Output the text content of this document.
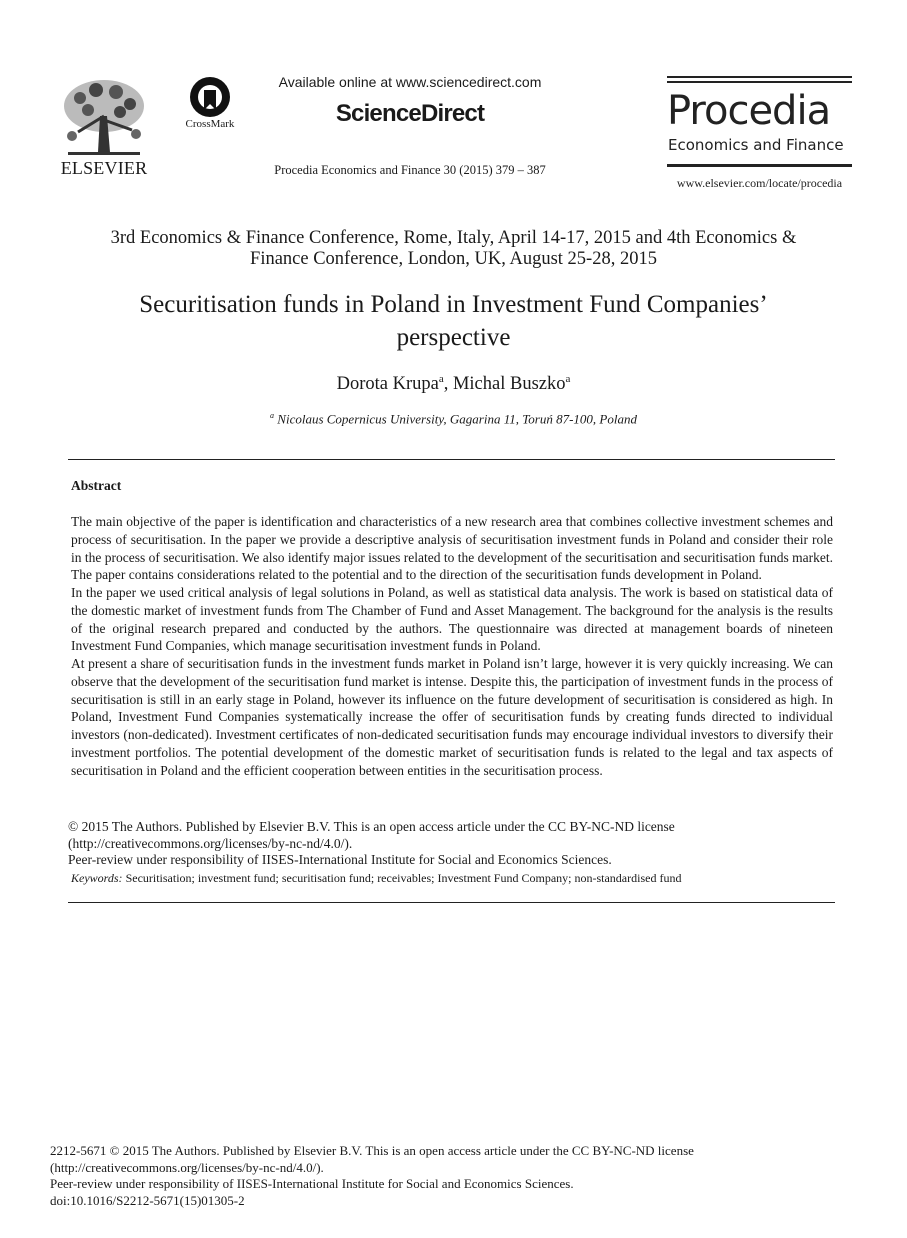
ELSEVIER
CrossMark
Available online at www.sciencedirect.com
ScienceDirect
Procedia Economics and Finance 30 (2015) 379 – 387
Procedia
Economics and Finance
www.elsevier.com/locate/procedia
3rd Economics & Finance Conference, Rome, Italy, April 14-17, 2015 and 4th Economics &
Finance Conference, London, UK, August 25-28, 2015
Securitisation funds in Poland in Investment Fund Companies’
perspective
Dorota Krupa$^a$, Michal Buszko$^a$
$^a$ Nicolaus Copernicus University, Gagarina 11, Toruń 87-100, Poland
Abstract

The main objective of the paper is identification and characteristics of a new research area that combines collective investment schemes and process of securitisation. In the paper we provide a descriptive analysis of securitisation investment funds in Poland and consider their role in the process of securitisation. We also identify major issues related to the development of the securitisation and securitisation funds market. The paper contains considerations related to the potential and to the direction of the securitisation funds development in Poland.

In the paper we used critical analysis of legal solutions in Poland, as well as statistical data analysis. The work is based on statistical data of the domestic market of investment funds from The Chamber of Fund and Asset Management. The background for the analysis is the results of the original research prepared and conducted by the authors. The questionnaire was directed at management boards of nineteen Investment Fund Companies, which manage securitisation investment funds in Poland.

At present a share of securitisation funds in the investment funds market in Poland isn’t large, however it is very quickly increasing. We can observe that the development of the securitisation fund market is intense. Despite this, the participation of investment funds in the process of securitisation is still in an early stage in Poland, however its influence on the future development of securitisation is considered as high. In Poland, Investment Fund Companies systematically increase the offer of securitisation funds by creating funds directed to individual investors (non-dedicated). Investment certificates of non-dedicated securitisation funds may encourage individual investors to diversify their investment portfolios. The potential development of the domestic market of securitisation funds is related to the legal and tax aspects of securitisation in Poland and the efficient cooperation between entities in the securitisation process.

© 2015 The Authors. Published by Elsevier B.V. This is an open access article under the CC BY-NC-ND license
(http://creativecommons.org/licenses/by-nc-nd/4.0/).
Peer-review under responsibility of IISES-International Institute for Social and Economics Sciences.
Keywords: Securitisation; investment fund; securitisation fund; receivables; Investment Fund Company; non-standardised fund
2212-5671 © 2015 The Authors. Published by Elsevier B.V. This is an open access article under the CC BY-NC-ND license
(http://creativecommons.org/licenses/by-nc-nd/4.0/).
Peer-review under responsibility of IISES-International Institute for Social and Economics Sciences.
doi:10.1016/S2212-5671(15)01305-2
